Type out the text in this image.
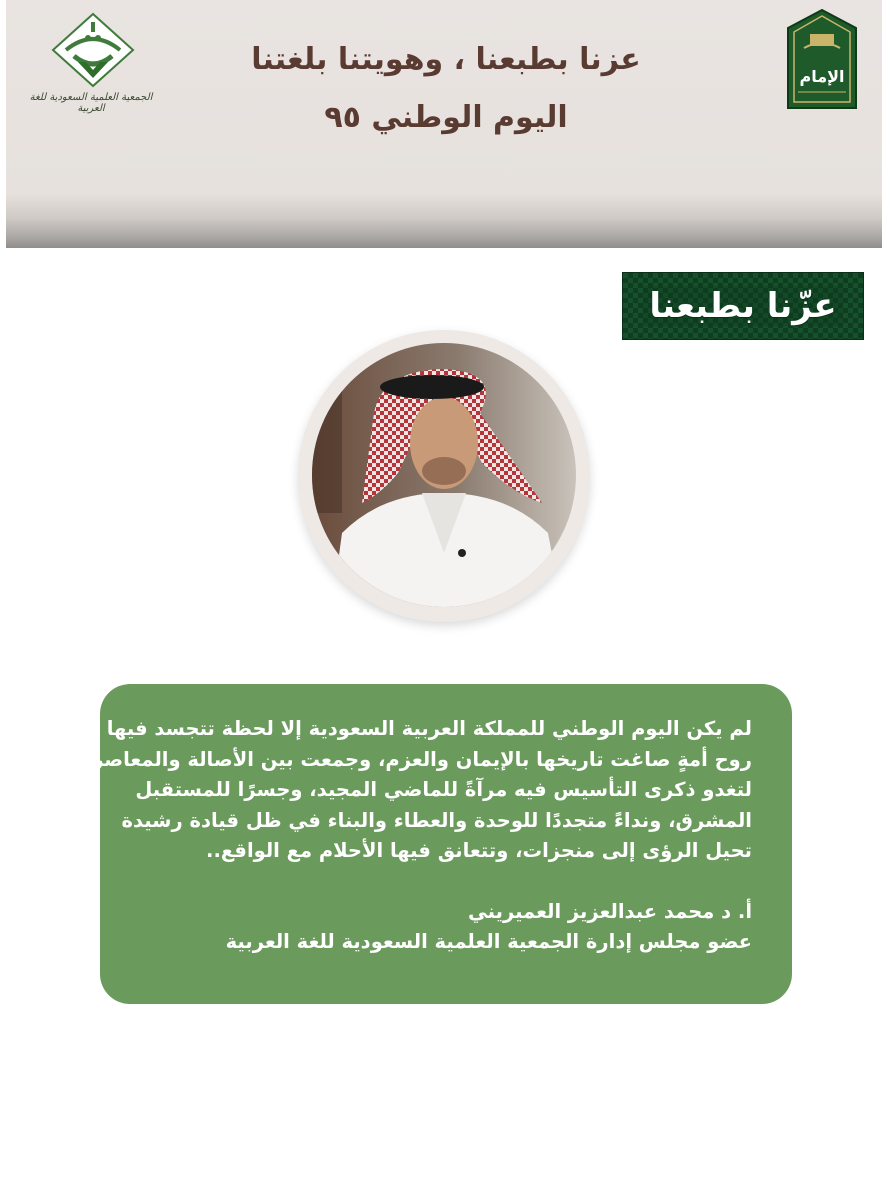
الجمعية العلمية السعودية للغة العربية
عزنا بطبعنا ، وهويتنا بلغتنا
اليوم الوطني ٩٥
الإمام
عزّنا بطبعنا
لم يكن اليوم الوطني للمملكة العربية السعودية إلا لحظة تتجسد فيها
روح أمةٍ صاغت تاريخها بالإيمان والعزم، وجمعت بين الأصالة والمعاصرة،
لتغدو ذكرى التأسيس فيه مرآةً للماضي المجيد، وجسرًا للمستقبل
المشرق، ونداءً متجددًا للوحدة والعطاء والبناء في ظل قيادة رشيدة
تحيل الرؤى إلى منجزات، وتتعانق فيها الأحلام مع الواقع..
أ. د محمد عبدالعزيز العميريني
عضو مجلس إدارة الجمعية العلمية السعودية للغة العربية
